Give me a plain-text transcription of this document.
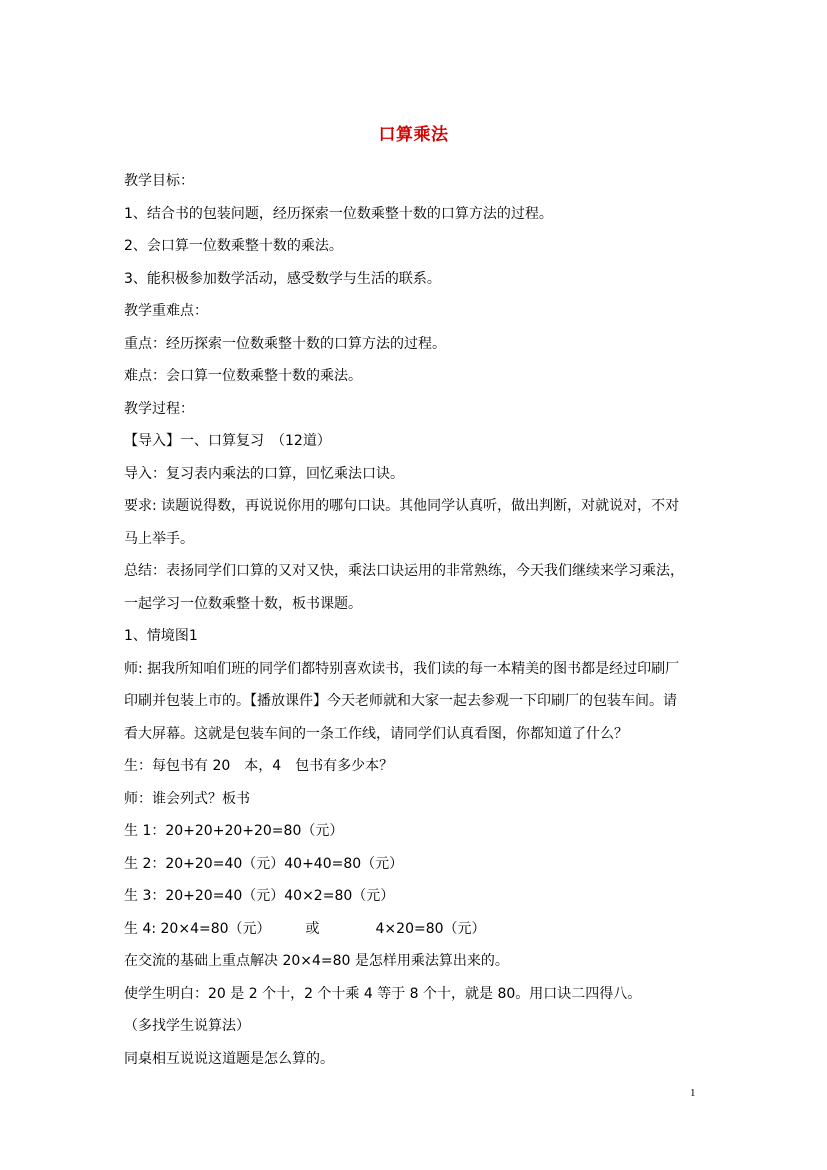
口算乘法
教学目标：
1、结合书的包装问题，经历探索一位数乘整十数的口算方法的过程。
2、会口算一位数乘整十数的乘法。
3、能积极参加数学活动，感受数学与生活的联系。
教学重难点：
重点：经历探索一位数乘整十数的口算方法的过程。
难点：会口算一位数乘整十数的乘法。
教学过程：
【导入】一、口算复习　（12道）
导入：复习表内乘法的口算，回忆乘法口诀。
要求: 读题说得数，再说说你用的哪句口诀。其他同学认真听，做出判断，对就说对，不对
马上举手。
总结：表扬同学们口算的又对又快，乘法口诀运用的非常熟练，今天我们继续来学习乘法，
一起学习一位数乘整十数，板书课题。
1、情境图1
师: 据我所知咱们班的同学们都特别喜欢读书，我们读的每一本精美的图书都是经过印刷厂
印刷并包装上市的。【播放课件】今天老师就和大家一起去参观一下印刷厂的包装车间。请
看大屏幕。这就是包装车间的一条工作线，请同学们认真看图，你都知道了什么？
生：每包书有 20　本，4　包书有多少本？
师：谁会列式？板书
生 1：20+20+20+20=80（元）
生 2：20+20=40（元）40+40=80（元）
生 3：20+20=40（元）40×2=80（元）
生 4: 20×4=80（元）　　　或　　　　4×20=80（元）
在交流的基础上重点解决 20×4=80 是怎样用乘法算出来的。
使学生明白：20 是 2 个十，2 个十乘 4 等于 8 个十，就是 80。用口诀二四得八。
（多找学生说算法）
同桌相互说说这道题是怎么算的。
1
